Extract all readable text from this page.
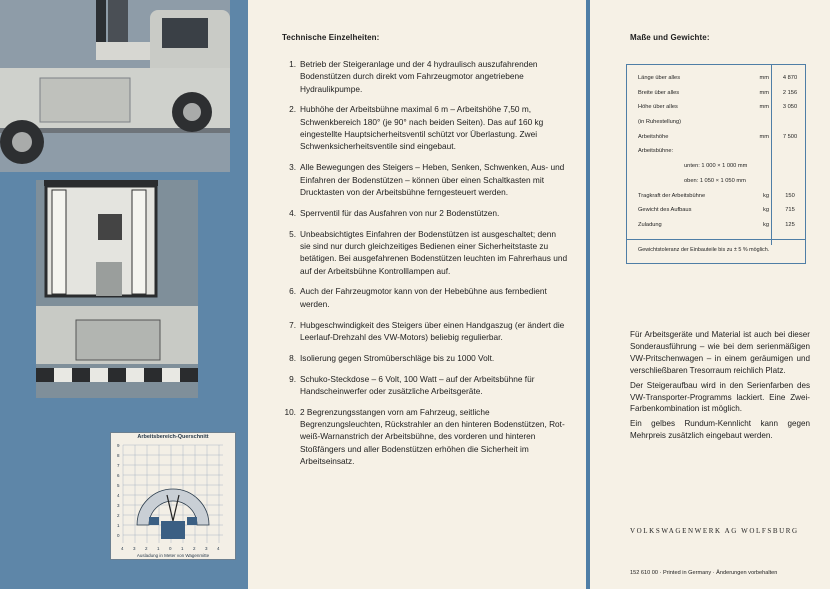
Arbeitsbereich-Querschnitt
9
8
7
6
5
4
3
2
1
0
4 3 2 1 0 1 2 3 4
Ausladung in Meter von Wagenmitte
Technische Einzelheiten:
1. Betrieb der Steigeranlage und der 4 hydraulisch auszufahrenden Bodenstützen durch direkt vom Fahrzeugmotor angetriebene Hydraulikpumpe.
2. Hubhöhe der Arbeitsbühne maximal 6 m – Arbeitshöhe 7,50 m, Schwenkbereich 180° (je 90° nach beiden Seiten). Das auf 160 kg eingestellte Hauptsicherheitsventil schützt vor Überlastung. Zwei Schwenksicherheitsventile sind eingebaut.
3. Alle Bewegungen des Steigers – Heben, Senken, Schwenken, Aus- und Einfahren der Bodenstützen – können über einen Schaltkasten mit Drucktasten von der Arbeitsbühne ferngesteuert werden.
4. Sperrventil für das Ausfahren von nur 2 Bodenstützen.
5. Unbeabsichtigtes Einfahren der Bodenstützen ist ausgeschaltet; denn sie sind nur durch gleichzeitiges Bedienen einer Sicherheitstaste zu betätigen. Bei ausgefahrenen Bodenstützen leuchten im Fahrerhaus und auf der Arbeitsbühne Kontrolllampen auf.
6. Auch der Fahrzeugmotor kann von der Hebebühne aus fernbedient werden.
7. Hubgeschwindigkeit des Steigers über einen Handgaszug (er ändert die Leerlauf-Drehzahl des VW-Motors) beliebig regulierbar.
8. Isolierung gegen Stromüberschläge bis zu 1000 Volt.
9. Schuko-Steckdose – 6 Volt, 100 Watt – auf der Arbeitsbühne für Handscheinwerfer oder zusätzliche Arbeitsgeräte.
10. 2 Begrenzungsstangen vorn am Fahrzeug, seitliche Begrenzungsleuchten, Rückstrahler an den hinteren Bodenstützen, Rot-weiß-Warnanstrich der Arbeitsbühne, des vorderen und hinteren Stoßfängers und aller Bodenstützen erhöhen die Sicherheit im Arbeitseinsatz.
Maße und Gewichte:
Länge über alles	mm	4 870
Breite über alles	mm	2 156
Höhe über alles	mm	3 050
(in Ruhestellung)
Arbeitshöhe	mm	7 500
Arbeitsbühne:
unten: 1 000 × 1 000 mm
oben: 1 050 × 1 050 mm
Tragkraft der Arbeitsbühne	kg	150
Gewicht des Aufbaus	kg	715
Zuladung	kg	125
Gewichtstoleranz der Einbauteile bis zu ± 5 % möglich.

Für Arbeitsgeräte und Material ist auch bei dieser Sonderausführung – wie bei dem serienmäßigen VW-Pritschenwagen – in einem geräumigen und verschließbaren Tresorraum reichlich Platz.

Der Steigeraufbau wird in den Serienfarben des VW-Transporter-Programms lackiert. Eine Zwei-Farbenkombination ist möglich.

Ein gelbes Rundum-Kennlicht kann gegen Mehrpreis zusätzlich eingebaut werden.

VOLKSWAGENWERK AG WOLFSBURG
152 610 00 · Printed in Germany · Änderungen vorbehalten
